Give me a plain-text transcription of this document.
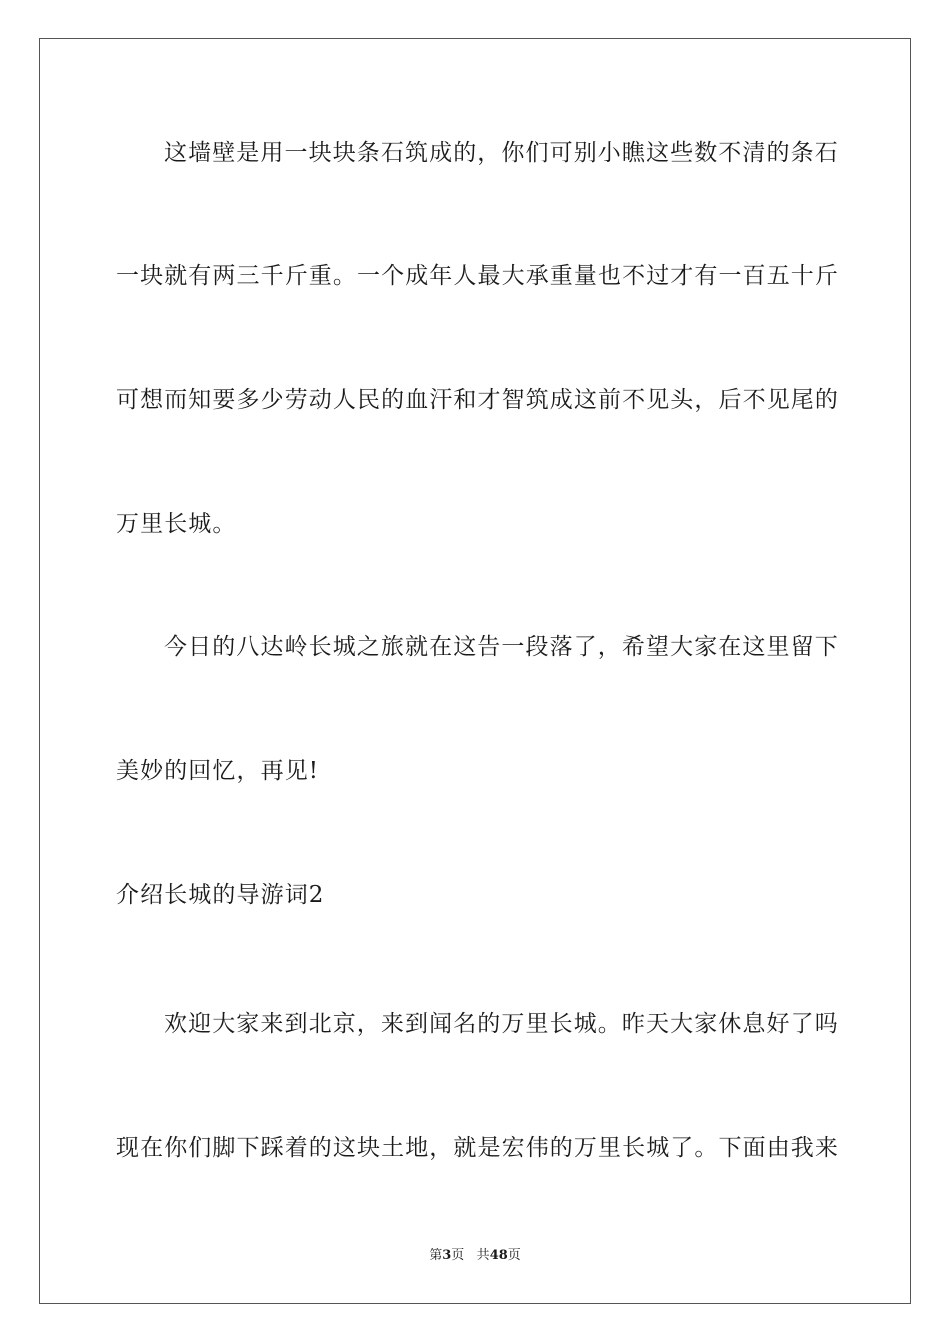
这墙壁是用一块块条石筑成的，你们可别小瞧这些数不清的条石
一块就有两三千斤重。一个成年人最大承重量也不过才有一百五十斤
可想而知要多少劳动人民的血汗和才智筑成这前不见头，后不见尾的
万里长城。
今日的八达岭长城之旅就在这告一段落了，希望大家在这里留下
美妙的回忆，再见!
介绍长城的导游词2
欢迎大家来到北京，来到闻名的万里长城。昨天大家休息好了吗
现在你们脚下踩着的这块土地，就是宏伟的万里长城了。下面由我来
第3页 共48页
